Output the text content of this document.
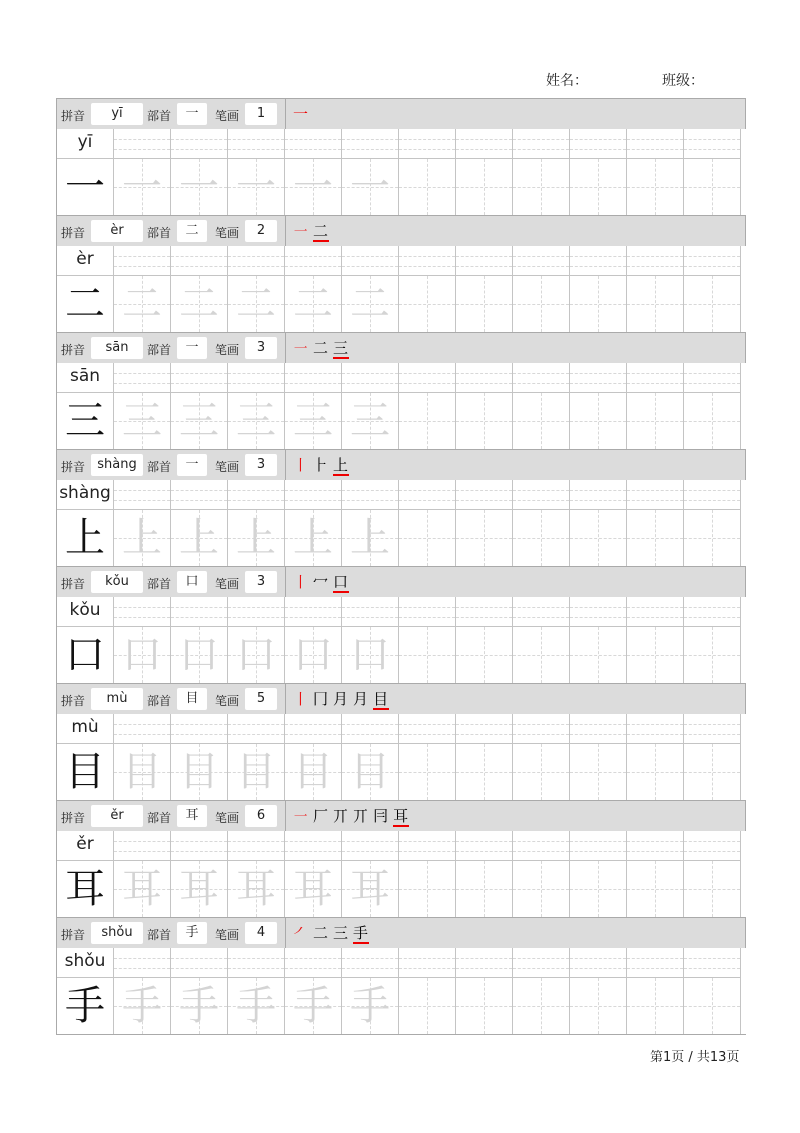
姓名：	班级：
拼音	yī	部首	一	笔画	1	一
yī
一 一 一 一 一 一
拼音	èr	部首	二	笔画	2	㇐ 二
èr
二 二 二 二 二 二
拼音	sān	部首	一	笔画	3	㇐ 二 三
sān
三 三 三 三 三 三
拼音 shàng 部首	一	笔画	3	丨 ⺊ 上
shàng
上 上 上 上 上 上
拼音	kǒu	部首	口	笔画	3	丨 冖 口
kǒu
口 口 口 口 口 口
拼音	mù	部首	目	笔画	5	丨 冂 月 月 目
mù
目 目 目 目 目 目
拼音	ěr	部首	耳	笔画	6	㇐ 厂 丌 丌 冃 耳
ěr
耳 耳 耳 耳 耳 耳
拼音	shǒu	部首	手	笔画	4	㇒ 二 三 手
shǒu
手 手 手 手 手 手
第1页 / 共13页
